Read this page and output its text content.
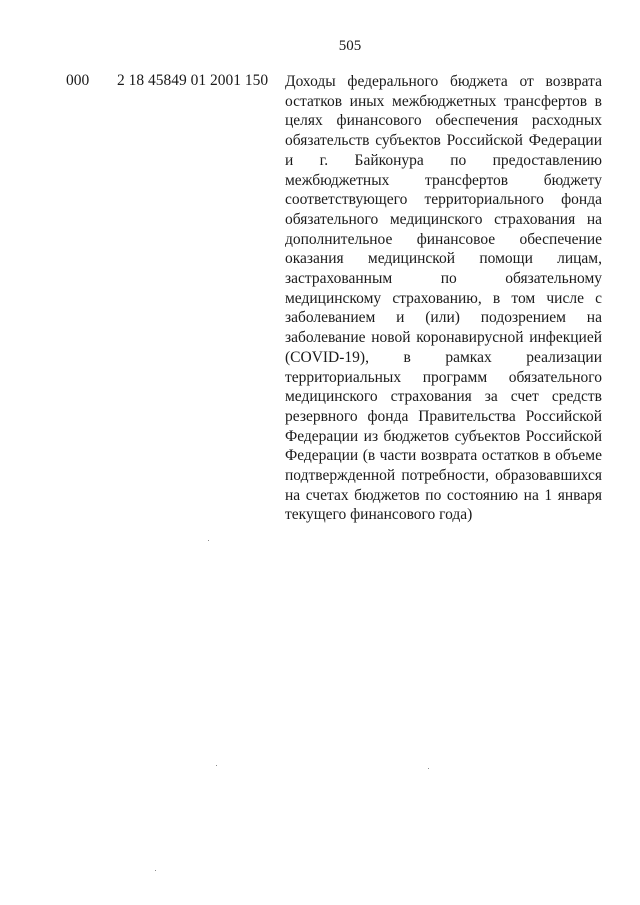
505
000 2 18 45849 01 2001 150 Доходы федерального бюджета от возврата остатков иных межбюджетных трансфертов в целях финансового обеспечения расходных обязательств субъектов Российской Федерации и г. Байконура по предоставлению межбюджетных трансфертов бюджету соответствующего территориального фонда обязательного медицинского страхования на дополнительное финансовое обеспечение оказания медицинской помощи лицам, застрахованным по обязательному медицинскому страхованию, в том числе с заболеванием и (или) подозрением на заболевание новой коронавирусной инфекцией (COVID-19), в рамках реализации территориальных программ обязательного медицинского страхования за счет средств резервного фонда Правительства Российской Федерации из бюджетов субъектов Российской Федерации (в части возврата остатков в объеме подтвержденной потребности, образовавшихся на счетах бюджетов по состоянию на 1 января текущего финансового года)
